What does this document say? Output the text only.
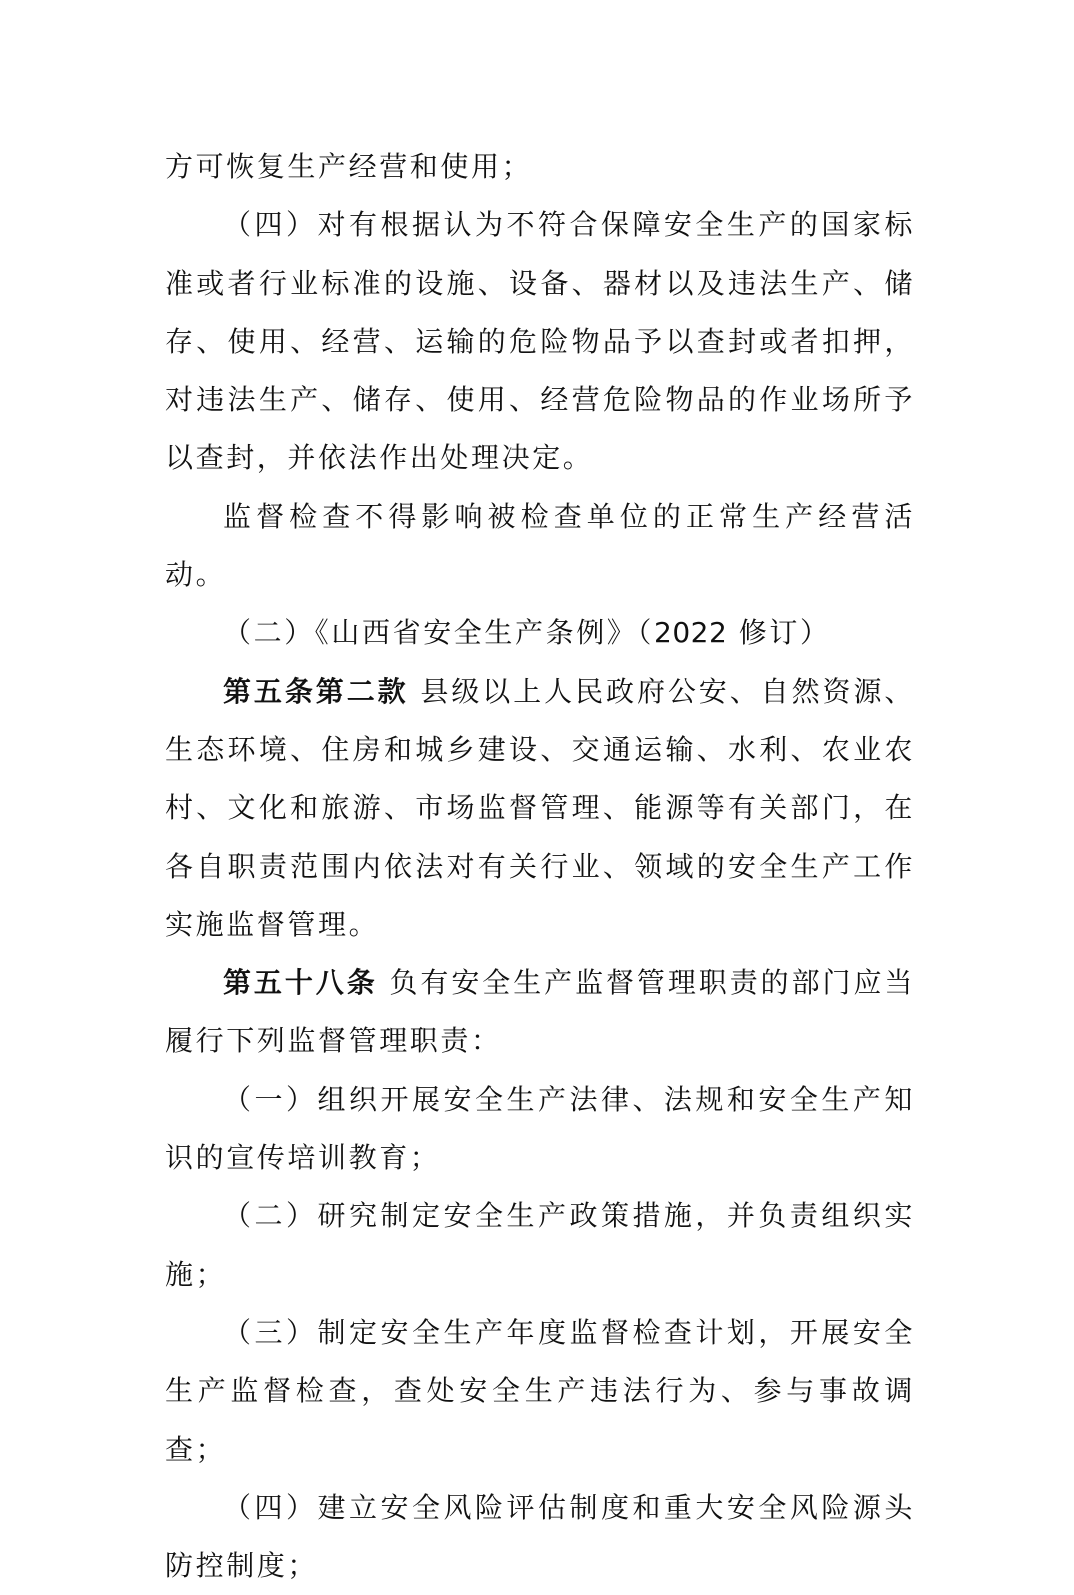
方可恢复生产经营和使用；

（四）对有根据认为不符合保障安全生产的国家标准或者行业标准的设施、设备、器材以及违法生产、储存、使用、经营、运输的危险物品予以查封或者扣押，对违法生产、储存、使用、经营危险物品的作业场所予以查封，并依法作出处理决定。

监督检查不得影响被检查单位的正常生产经营活动。

（二）《山西省安全生产条例》（2022 修订）

第五条第二款 县级以上人民政府公安、自然资源、生态环境、住房和城乡建设、交通运输、水利、农业农村、文化和旅游、市场监督管理、能源等有关部门，在各自职责范围内依法对有关行业、领域的安全生产工作实施监督管理。

第五十八条 负有安全生产监督管理职责的部门应当履行下列监督管理职责：

（一）组织开展安全生产法律、法规和安全生产知识的宣传培训教育；

（二）研究制定安全生产政策措施，并负责组织实施；

（三）制定安全生产年度监督检查计划，开展安全生产监督检查，查处安全生产违法行为、参与事故调查；

（四）建立安全风险评估制度和重大安全风险源头防控制度；
